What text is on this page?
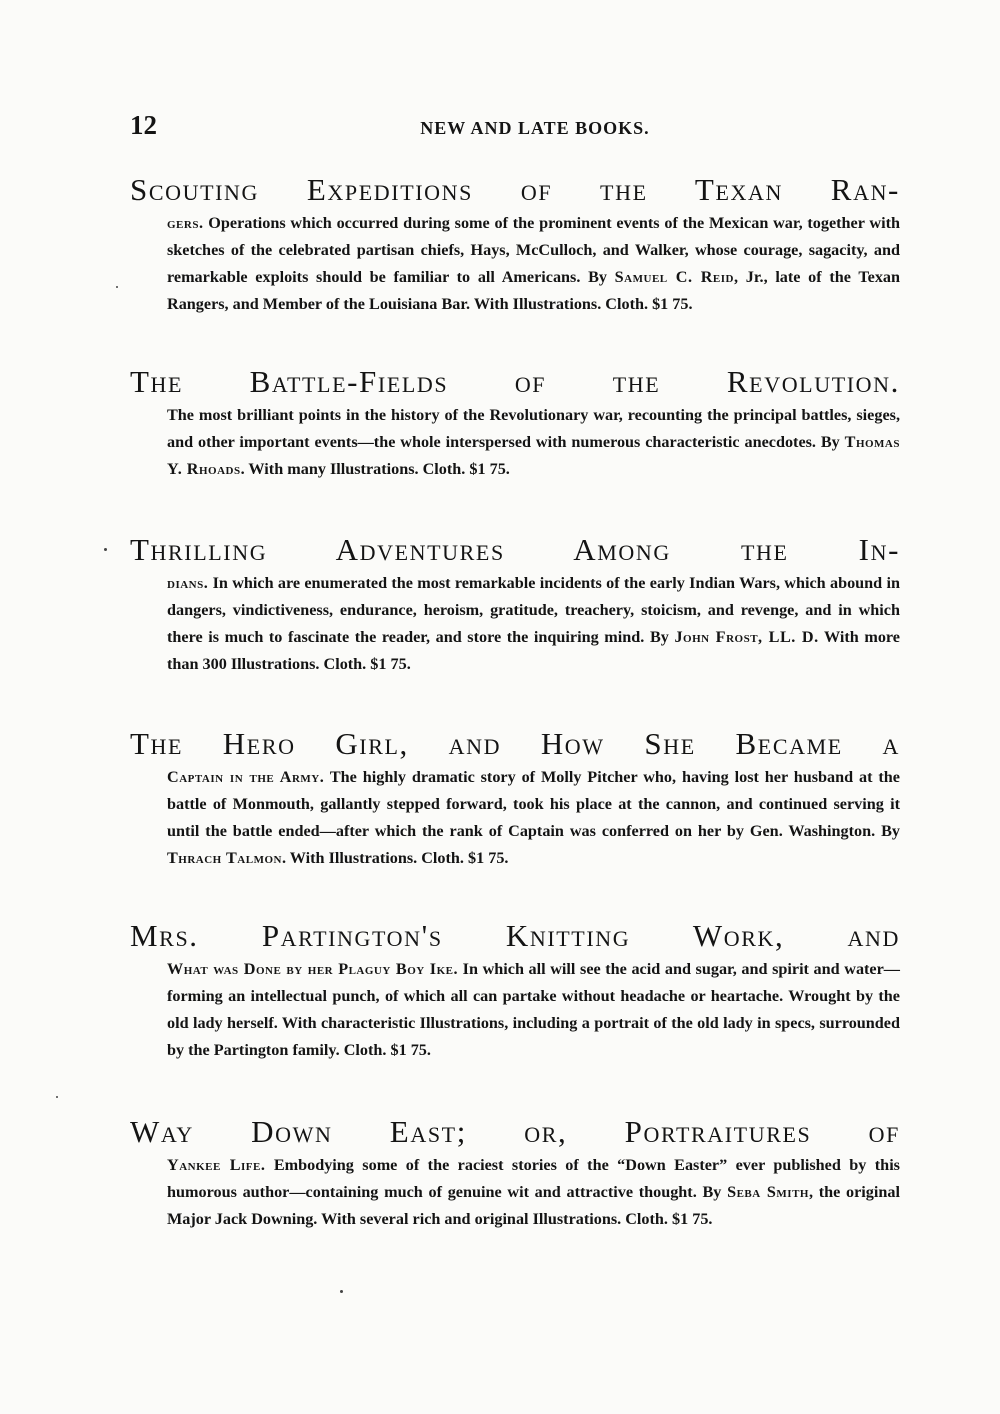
12	NEW AND LATE BOOKS.
Scouting Expeditions of the Texan Ran-
gers. Operations which occurred during some of the prominent events of the Mexican war, together with sketches of the celebrated partisan chiefs, Hays, McCulloch, and Walker, whose courage, sagacity, and remarkable exploits should be familiar to all Americans. By Samuel C. Reid, Jr., late of the Texan Rangers, and Member of the Louisiana Bar. With Illustrations. Cloth. $1 75.
The Battle-Fields of the Revolution.
The most brilliant points in the history of the Revolutionary war, recounting the principal battles, sieges, and other important events—the whole interspersed with numerous characteristic anecdotes. By Thomas Y. Rhoads. With many Illustrations. Cloth. $1 75.
Thrilling Adventures Among the In-
dians. In which are enumerated the most remarkable incidents of the early Indian Wars, which abound in dangers, vindictiveness, endurance, heroism, gratitude, treachery, stoicism, and revenge, and in which there is much to fascinate the reader, and store the inquiring mind. By John Frost, LL. D. With more than 300 Illustrations. Cloth. $1 75.
The Hero Girl, and How She Became a
Captain in the Army. The highly dramatic story of Molly Pitcher who, having lost her husband at the battle of Monmouth, gallantly stepped forward, took his place at the cannon, and continued serving it until the battle ended—after which the rank of Captain was conferred on her by Gen. Washington. By Thrach Talmon. With Illustrations. Cloth. $1 75.
Mrs. Partington's Knitting Work, and
What was Done by her Plaguy Boy Ike. In which all will see the acid and sugar, and spirit and water—forming an intellectual punch, of which all can partake without headache or heartache. Wrought by the old lady herself. With characteristic Illustrations, including a portrait of the old lady in specs, surrounded by the Partington family. Cloth. $1 75.
Way Down East; or, Portraitures of
Yankee Life. Embodying some of the raciest stories of the “Down Easter” ever published by this humorous author—containing much of genuine wit and attractive thought. By Seba Smith, the original Major Jack Downing. With several rich and original Illustrations. Cloth. $1 75.
